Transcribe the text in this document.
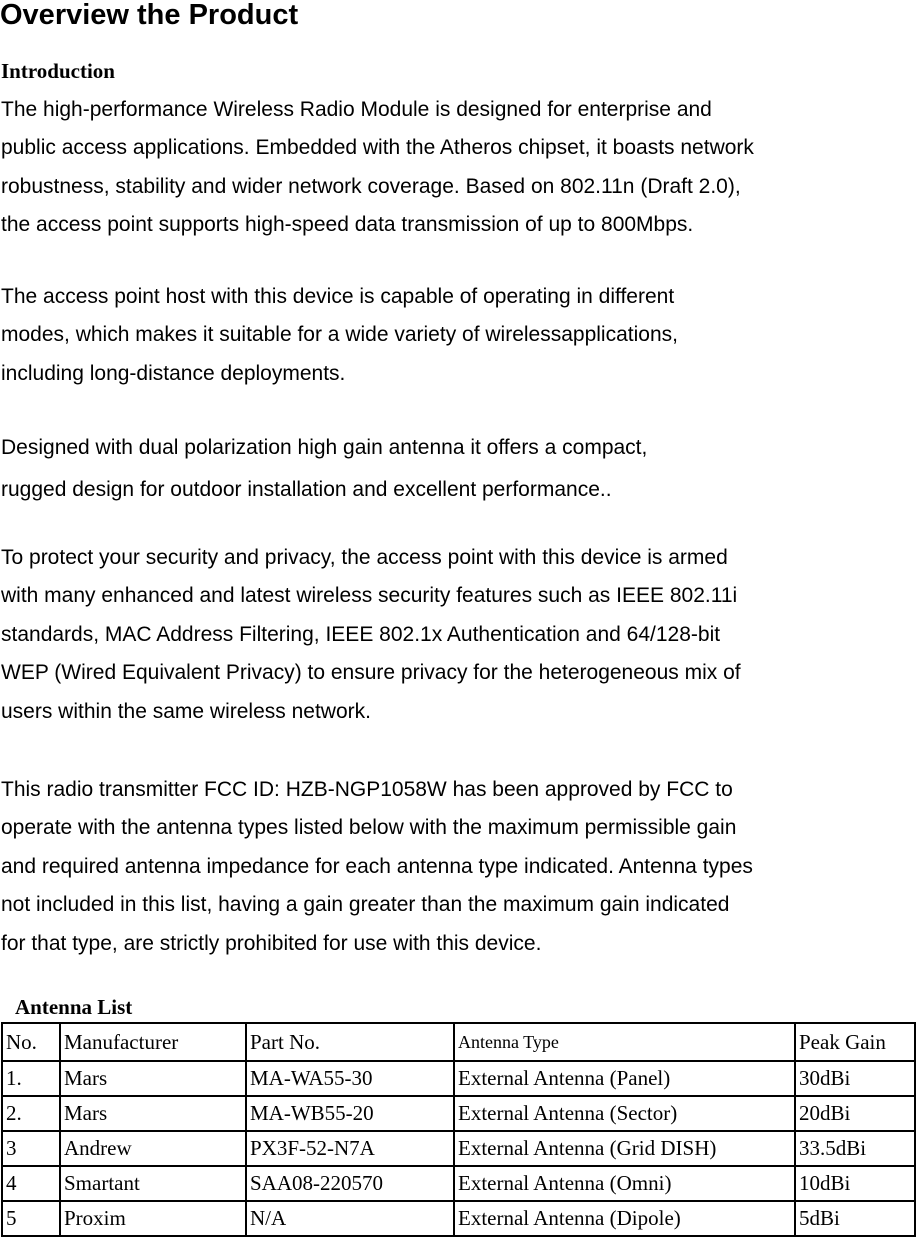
Overview the Product
Introduction
The high-performance Wireless Radio Module is designed for enterprise and
public access applications. Embedded with the Atheros chipset, it boasts network
robustness, stability and wider network coverage. Based on 802.11n (Draft 2.0),
the access point supports high-speed data transmission of up to 800Mbps.
The access point host with this device is capable of operating in different
modes, which makes it suitable for a wide variety of wirelessapplications,
including long-distance deployments.
Designed with dual polarization high gain antenna it offers a compact,
rugged design for outdoor installation and excellent performance..
To protect your security and privacy, the access point with this device is armed
with many enhanced and latest wireless security features such as IEEE 802.11i
standards, MAC Address Filtering, IEEE 802.1x Authentication and 64/128-bit
WEP (Wired Equivalent Privacy) to ensure privacy for the heterogeneous mix of
users within the same wireless network.
This radio transmitter FCC ID: HZB-NGP1058W has been approved by FCC to
operate with the antenna types listed below with the maximum permissible gain
and required antenna impedance for each antenna type indicated. Antenna types
not included in this list, having a gain greater than the maximum gain indicated
for that type, are strictly prohibited for use with this device.
Antenna List
No.	Manufacturer	Part No.	Antenna Type	Peak Gain
1.	Mars	MA-WA55-30	External Antenna (Panel)	30dBi
2.	Mars	MA-WB55-20	External Antenna (Sector)	20dBi
3	Andrew	PX3F-52-N7A	External Antenna (Grid DISH)	33.5dBi
4	Smartant	SAA08-220570	External Antenna (Omni)	10dBi
5	Proxim	N/A	External Antenna (Dipole)	5dBi
